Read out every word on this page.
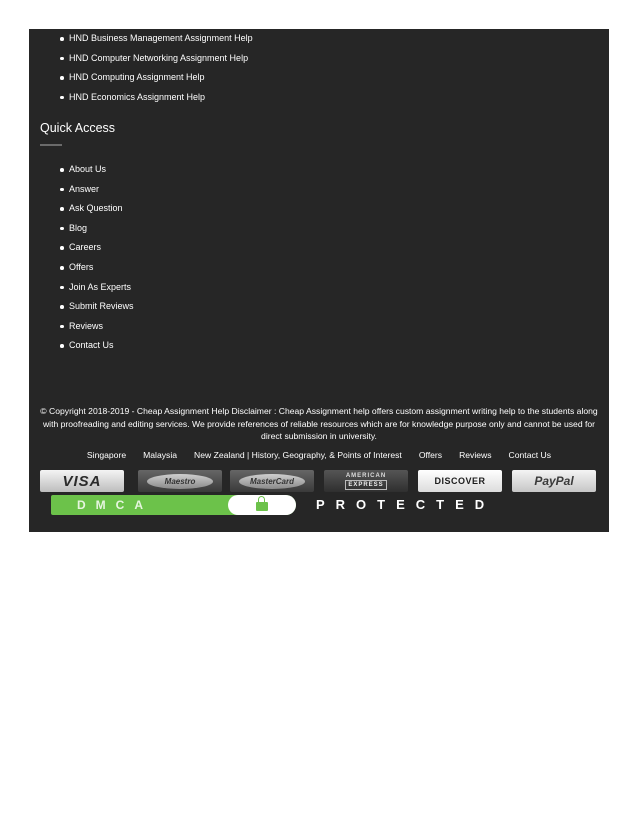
HND Business Management Assignment Help
HND Computer Networking Assignment Help
HND Computing Assignment Help
HND Economics Assignment Help
Quick Access
About Us
Answer
Ask Question
Blog
Careers
Offers
Join As Experts
Submit Reviews
Reviews
Contact Us
© Copyright 2018-2019 - Cheap Assignment Help Disclaimer : Cheap Assignment help offers custom assignment writing help to the students along with proofreading and editing services. We provide references of reliable resources which are for knowledge purpose only and cannot be used for direct submission in university.
Singapore Malaysia New Zealand | History, Geography, & Points of Interest Offers Reviews Contact Us
VISA	Maestro	MasterCard
AMERICAN
EXPRESS	DISCOVER	PayPal
DMCA	PROTECTED
